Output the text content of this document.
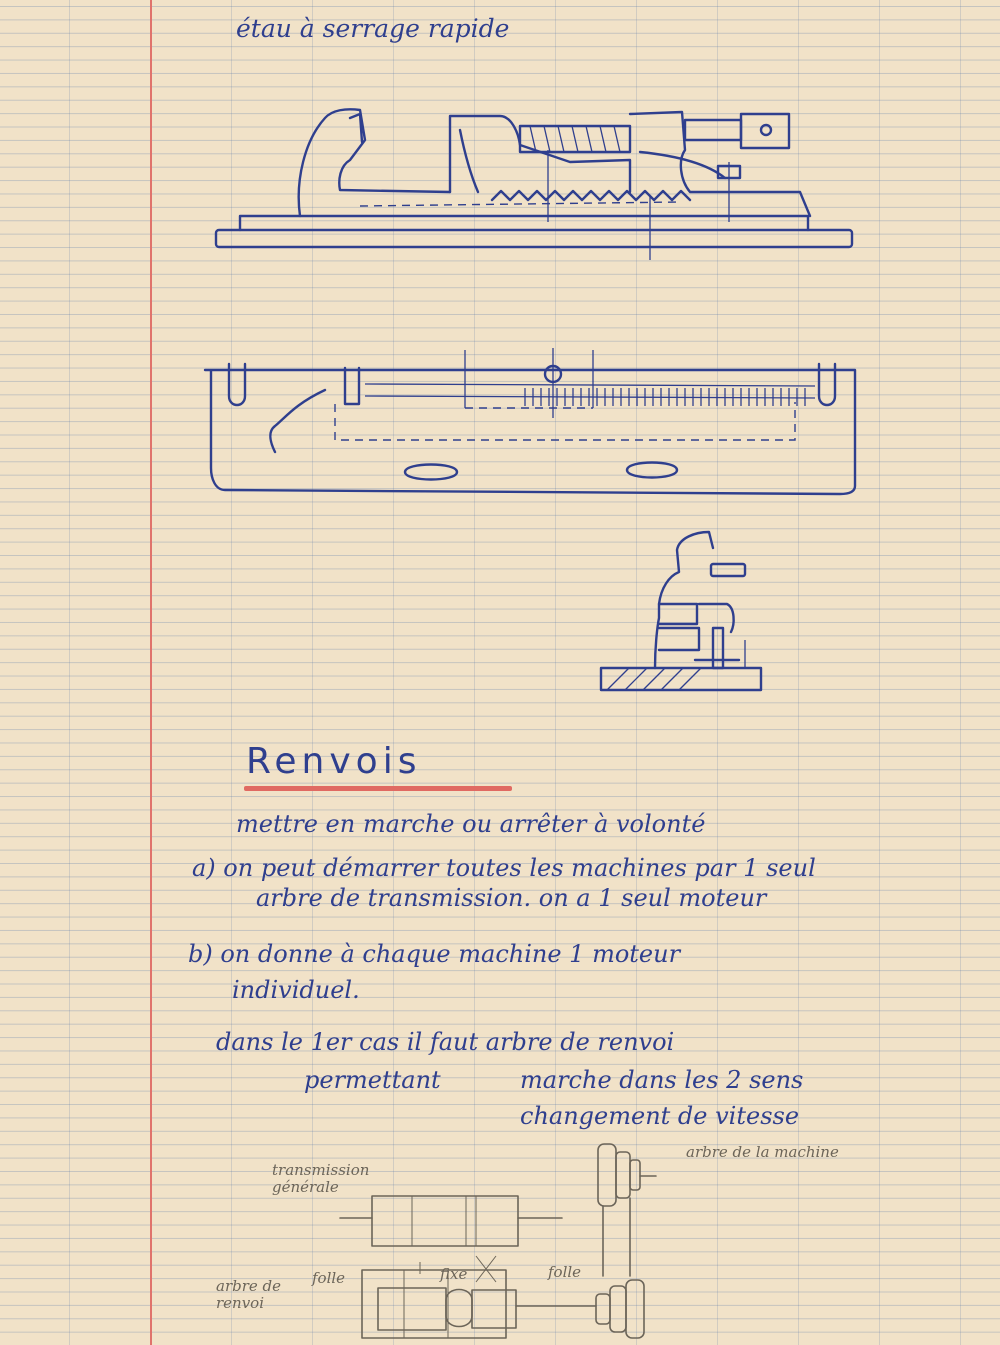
étau à serrage rapide

Renvois

mettre en marche ou arrêter à volonté

a) on peut démarrer toutes les machines par 1 seul

arbre de transmission. on a 1 seul moteur

b) on donne à chaque machine 1 moteur

individuel.

dans le 1er cas il faut arbre de renvoi

permettant	marche dans les 2 sens

changement de vitesse

transmission générale

arbre de la machine

arbre de renvoi

folle	fixe	folle
